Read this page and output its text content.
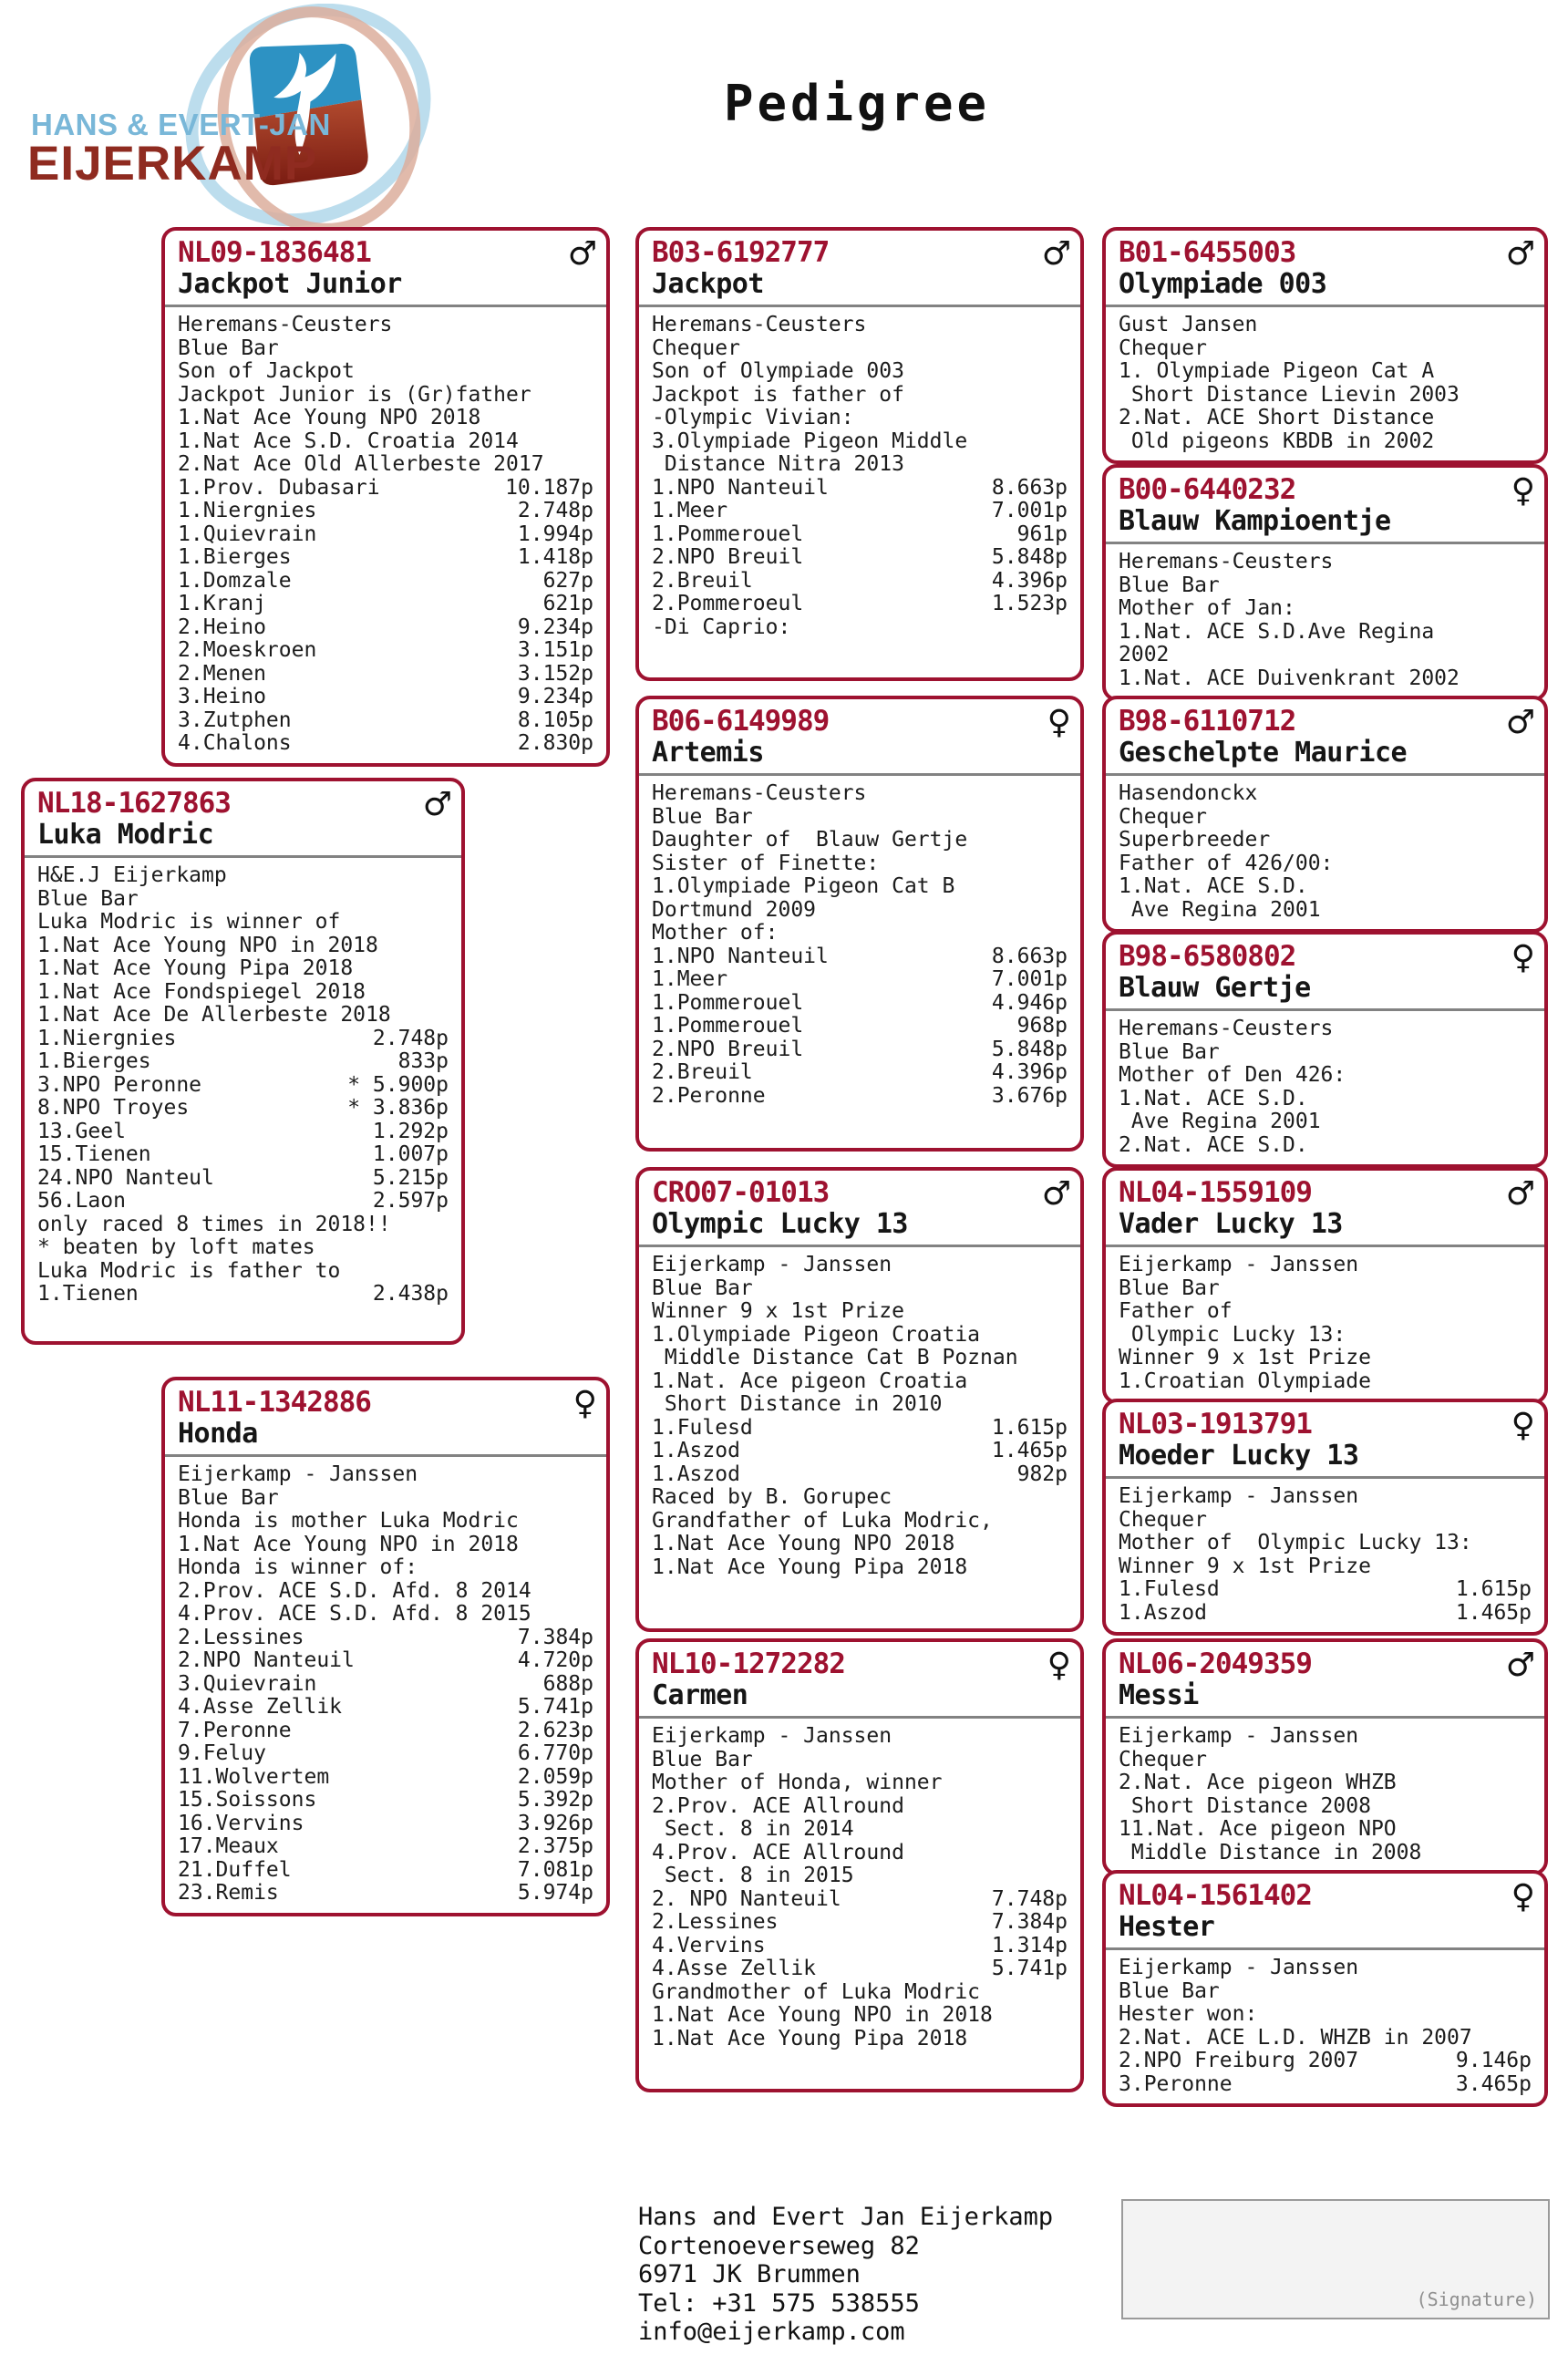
Pedigree
HANS & EVERT-JAN
EIJERKAMP
NL09-1836481	♂
Jackpot Junior
Heremans-Ceusters
Blue Bar
Son of Jackpot
Jackpot Junior is (Gr)father
1.Nat Ace Young NPO 2018
1.Nat Ace S.D. Croatia 2014
2.Nat Ace Old Allerbeste 2017
1.Prov. Dubasari	10.187p
1.Niergnies	2.748p
1.Quievrain	1.994p
1.Bierges	1.418p
1.Domzale	627p
1.Kranj	621p
2.Heino	9.234p
2.Moeskroen	3.151p
2.Menen	3.152p
3.Heino	9.234p
3.Zutphen	8.105p
4.Chalons	2.830p
NL18-1627863	♂
Luka Modric
H&E.J Eijerkamp
Blue Bar
Luka Modric is winner of
1.Nat Ace Young NPO in 2018
1.Nat Ace Young Pipa 2018
1.Nat Ace Fondspiegel 2018
1.Nat Ace De Allerbeste 2018
1.Niergnies	2.748p
1.Bierges	833p
3.NPO Peronne	* 5.900p
8.NPO Troyes	* 3.836p
13.Geel	1.292p
15.Tienen	1.007p
24.NPO Nanteul	5.215p
56.Laon	2.597p
only raced 8 times in 2018!!
* beaten by loft mates
Luka Modric is father to
1.Tienen	2.438p
NL11-1342886	♀
Honda
Eijerkamp - Janssen
Blue Bar
Honda is mother Luka Modric
1.Nat Ace Young NPO in 2018
Honda is winner of:
2.Prov. ACE S.D. Afd. 8 2014
4.Prov. ACE S.D. Afd. 8 2015
2.Lessines	7.384p
2.NPO Nanteuil	4.720p
3.Quievrain	688p
4.Asse Zellik	5.741p
7.Peronne	2.623p
9.Feluy	6.770p
11.Wolvertem	2.059p
15.Soissons	5.392p
16.Vervins	3.926p
17.Meaux	2.375p
21.Duffel	7.081p
23.Remis	5.974p
B03-6192777	♂
Jackpot
Heremans-Ceusters
Chequer
Son of Olympiade 003
Jackpot is father of
-Olympic Vivian:
3.Olympiade Pigeon Middle
Distance Nitra 2013
1.NPO Nanteuil	8.663p
1.Meer	7.001p
1.Pommerouel	961p
2.NPO Breuil	5.848p
2.Breuil	4.396p
2.Pommeroeul	1.523p
-Di Caprio:
B06-6149989	♀
Artemis
Heremans-Ceusters
Blue Bar
Daughter of  Blauw Gertje
Sister of Finette:
1.Olympiade Pigeon Cat B
Dortmund 2009
Mother of:
1.NPO Nanteuil	8.663p
1.Meer	7.001p
1.Pommerouel	4.946p
1.Pommerouel	968p
2.NPO Breuil	5.848p
2.Breuil	4.396p
2.Peronne	3.676p
CRO07-01013	♂
Olympic Lucky 13
Eijerkamp - Janssen
Blue Bar
Winner 9 x 1st Prize
1.Olympiade Pigeon Croatia
Middle Distance Cat B Poznan
1.Nat. Ace pigeon Croatia
Short Distance in 2010
1.Fulesd	1.615p
1.Aszod	1.465p
1.Aszod	982p
Raced by B. Gorupec
Grandfather of Luka Modric,
1.Nat Ace Young NPO 2018
1.Nat Ace Young Pipa 2018
NL10-1272282	♀
Carmen
Eijerkamp - Janssen
Blue Bar
Mother of Honda, winner
2.Prov. ACE Allround
Sect. 8 in 2014
4.Prov. ACE Allround
Sect. 8 in 2015
2. NPO Nanteuil	7.748p
2.Lessines	7.384p
4.Vervins	1.314p
4.Asse Zellik	5.741p
Grandmother of Luka Modric
1.Nat Ace Young NPO in 2018
1.Nat Ace Young Pipa 2018
B01-6455003	♂
Olympiade 003
Gust Jansen
Chequer
1. Olympiade Pigeon Cat A
Short Distance Lievin 2003
2.Nat. ACE Short Distance
Old pigeons KBDB in 2002
B00-6440232	♀
Blauw Kampioentje
Heremans-Ceusters
Blue Bar
Mother of Jan:
1.Nat. ACE S.D.Ave Regina
2002
1.Nat. ACE Duivenkrant 2002
B98-6110712	♂
Geschelpte Maurice
Hasendonckx
Chequer
Superbreeder
Father of 426/00:
1.Nat. ACE S.D.
Ave Regina 2001
B98-6580802	♀
Blauw Gertje
Heremans-Ceusters
Blue Bar
Mother of Den 426:
1.Nat. ACE S.D.
Ave Regina 2001
2.Nat. ACE S.D.
NL04-1559109	♂
Vader Lucky 13
Eijerkamp - Janssen
Blue Bar
Father of
Olympic Lucky 13:
Winner 9 x 1st Prize
1.Croatian Olympiade
NL03-1913791	♀
Moeder Lucky 13
Eijerkamp - Janssen
Chequer
Mother of  Olympic Lucky 13:
Winner 9 x 1st Prize
1.Fulesd	1.615p
1.Aszod	1.465p
NL06-2049359	♂
Messi
Eijerkamp - Janssen
Chequer
2.Nat. Ace pigeon WHZB
Short Distance 2008
11.Nat. Ace pigeon NPO
Middle Distance in 2008
NL04-1561402	♀
Hester
Eijerkamp - Janssen
Blue Bar
Hester won:
2.Nat. ACE L.D. WHZB in 2007
2.NPO Freiburg 2007	9.146p
3.Peronne	3.465p
Hans and Evert Jan Eijerkamp
Cortenoeverseweg 82
6971 JK Brummen
Tel: +31 575 538555
info@eijerkamp.com
(Signature)
